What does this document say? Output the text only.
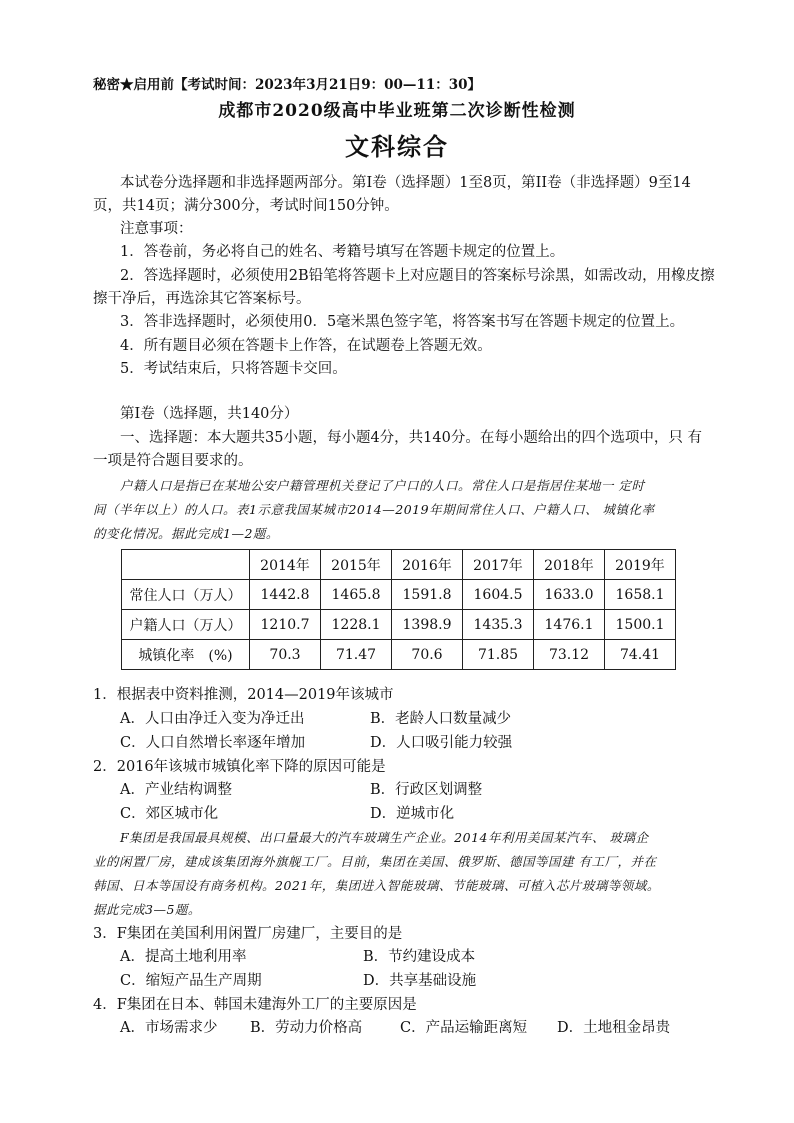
秘密★启用前【考试时间：2023年3月21日9：00—11：30】
成都市2020级高中毕业班第二次诊断性检测
文科综合
本试卷分选择题和非选择题两部分。第Ⅰ卷（选择题）1至8页，第II卷（非选择题）9至14
页，共14页；满分300分，考试时间150分钟。
注意事项：
1．答卷前，务必将自己的姓名、考籍号填写在答题卡规定的位置上。
2．答选择题时，必须使用2B铅笔将答题卡上对应题目的答案标号涂黑，如需改动，用橡皮擦
擦干净后，再选涂其它答案标号。
3．答非选择题时，必须使用0．5毫米黑色签字笔，将答案书写在答题卡规定的位置上。
4．所有题目必须在答题卡上作答，在试题卷上答题无效。
5．考试结束后，只将答题卡交回。
第Ⅰ卷（选择题，共140分）
一、选择题：本大题共35小题，每小题4分，共140分。在每小题给出的四个选项中，只 有
一项是符合题目要求的。
户籍人口是指已在某地公安户籍管理机关登记了户口的人口。常住人口是指居住某地一 定时
间（半年以上）的人口。表1示意我国某城市2014—2019年期间常住人口、户籍人口、 城镇化率
的变化情况。据此完成1—2题。
	2014年	2015年	2016年	2017年	2018年	2019年
常住人口（万人）	1442.8	1465.8	1591.8	1604.5	1633.0	1658.1
户籍人口（万人）	1210.7	1228.1	1398.9	1435.3	1476.1	1500.1
城镇化率　(%)	70.3	71.47	70.6	71.85	73.12	74.41
1．根据表中资料推测，2014—2019年该城市
A．人口由净迁入变为净迁出	B．老龄人口数量减少
C．人口自然增长率逐年增加	D．人口吸引能力较强
2．2016年该城市城镇化率下降的原因可能是
A．产业结构调整	B．行政区划调整
C．郊区城市化	D．逆城市化
F集团是我国最具规模、出口量最大的汽车玻璃生产企业。2014年利用美国某汽车、 玻璃企
业的闲置厂房，建成该集团海外旗舰工厂。目前，集团在美国、俄罗斯、德国等国建 有工厂，并在
韩国、日本等国设有商务机构。2021年，集团进入智能玻璃、节能玻璃、可植入芯片玻璃等领域。
据此完成3—5题。
3．F集团在美国利用闲置厂房建厂，主要目的是
A．提高土地利用率	B．节约建设成本
C．缩短产品生产周期	D．共享基础设施
4．F集团在日本、韩国未建海外工厂的主要原因是
A．市场需求少 B．劳动力价格高	C．产品运输距离短 D．土地租金昂贵
